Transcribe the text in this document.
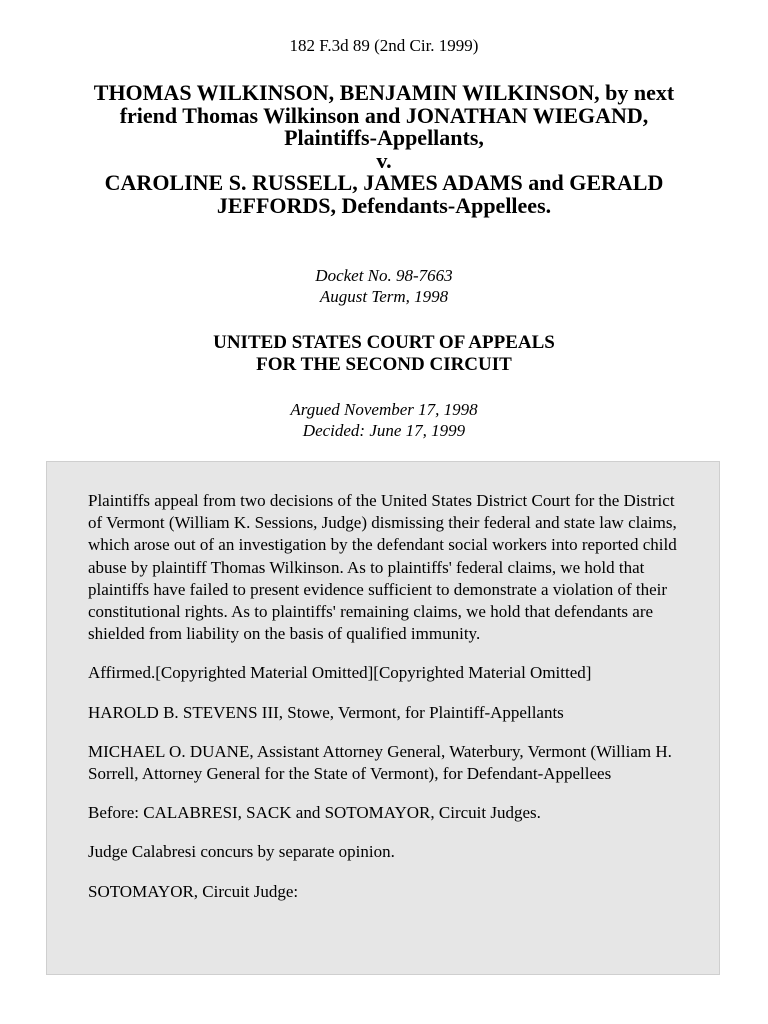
182 F.3d 89 (2nd Cir. 1999)
THOMAS WILKINSON, BENJAMIN WILKINSON, by next
friend Thomas Wilkinson and JONATHAN WIEGAND,
Plaintiffs-Appellants,
v.
CAROLINE S. RUSSELL, JAMES ADAMS and GERALD
JEFFORDS, Defendants-Appellees.
Docket No. 98-7663
August Term, 1998
UNITED STATES COURT OF APPEALS
FOR THE SECOND CIRCUIT
Argued November 17, 1998
Decided: June 17, 1999

Plaintiffs appeal from two decisions of the United States District Court for the District of Vermont (William K. Sessions, Judge) dismissing their federal and state law claims, which arose out of an investigation by the defendant social workers into reported child abuse by plaintiff Thomas Wilkinson. As to plaintiffs' federal claims, we hold that plaintiffs have failed to present evidence sufficient to demonstrate a violation of their constitutional rights. As to plaintiffs' remaining claims, we hold that defendants are shielded from liability on the basis of qualified immunity.

Affirmed.[Copyrighted Material Omitted][Copyrighted Material Omitted]

HAROLD B. STEVENS III, Stowe, Vermont, for Plaintiff-Appellants

MICHAEL O. DUANE, Assistant Attorney General, Waterbury, Vermont (William H. Sorrell, Attorney General for the State of Vermont), for Defendant-Appellees

Before: CALABRESI, SACK and SOTOMAYOR, Circuit Judges.

Judge Calabresi concurs by separate opinion.

SOTOMAYOR, Circuit Judge:
